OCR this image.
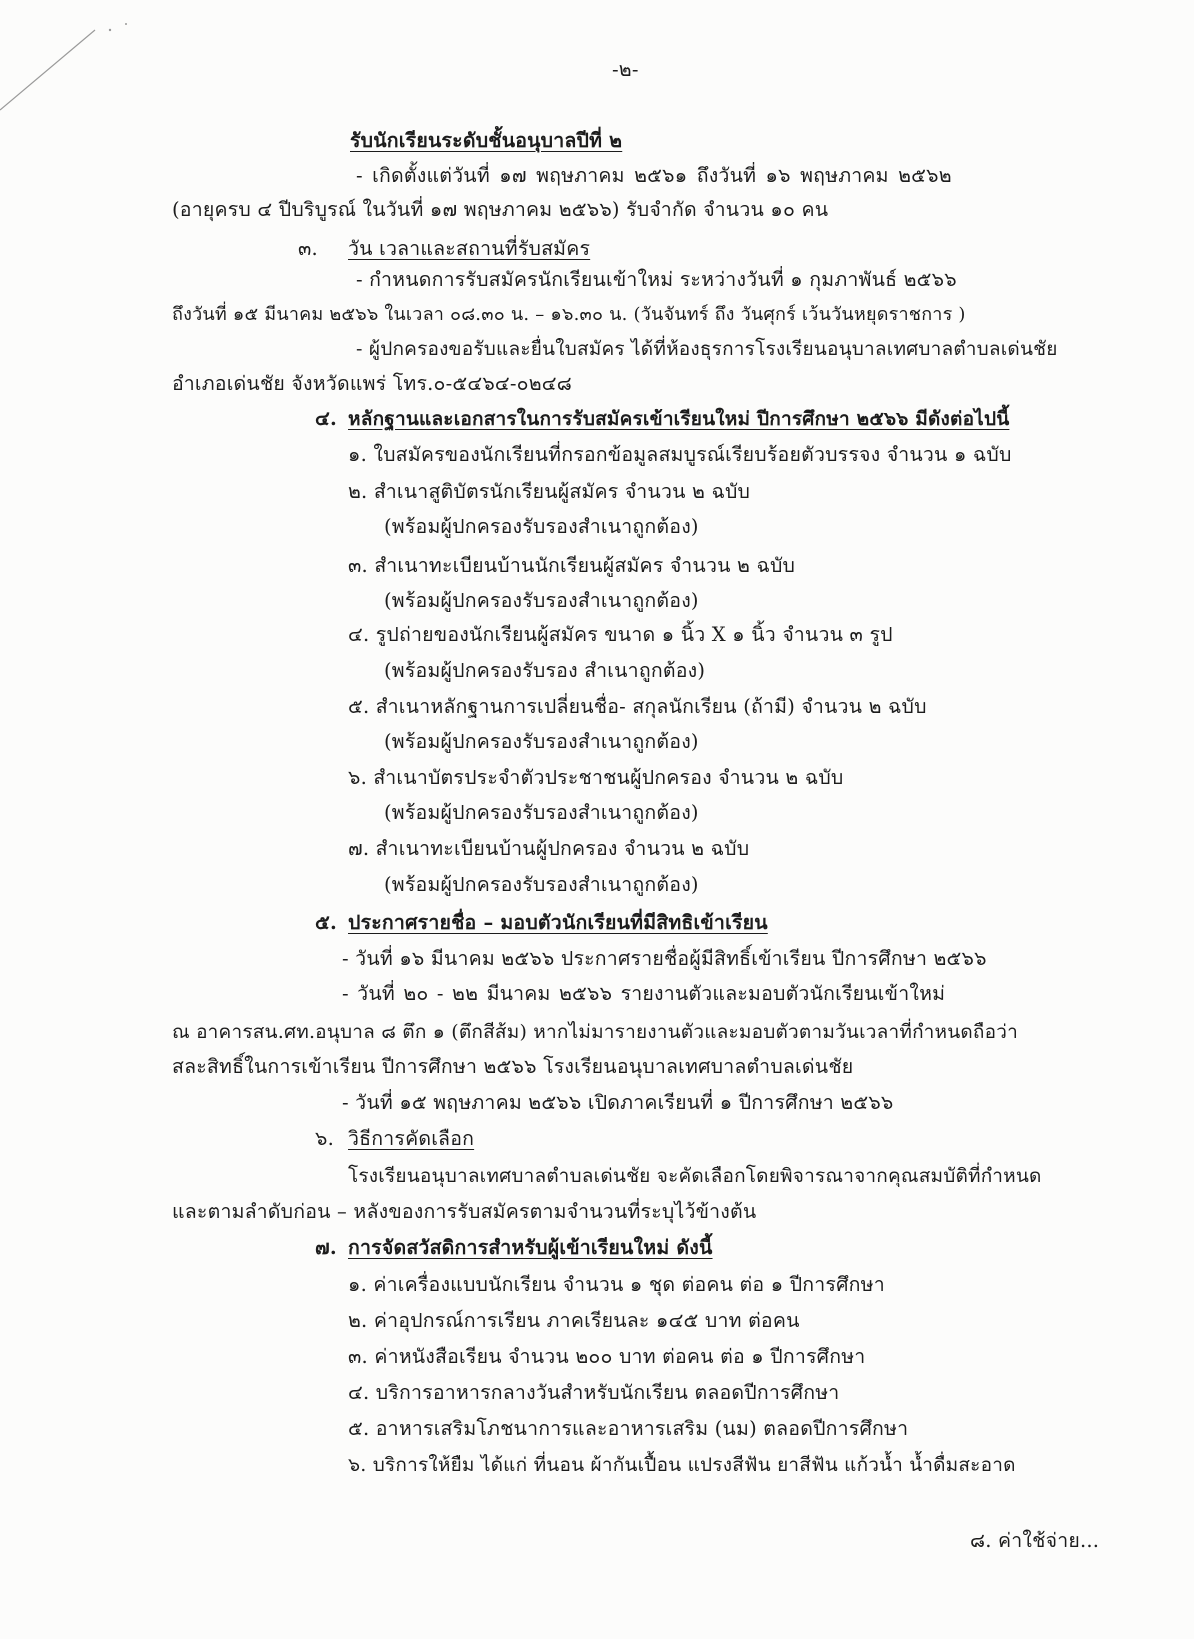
-๒-
รับนักเรียนระดับชั้นอนุบาลปีที่ ๒
- เกิดตั้งแต่วันที่ ๑๗ พฤษภาคม ๒๕๖๑ ถึงวันที่ ๑๖ พฤษภาคม ๒๕๖๒
(อายุครบ ๔ ปีบริบูรณ์ ในวันที่ ๑๗ พฤษภาคม ๒๕๖๖) รับจำกัด จำนวน ๑๐ คน
๓. วัน เวลาและสถานที่รับสมัคร
- กำหนดการรับสมัครนักเรียนเข้าใหม่ ระหว่างวันที่ ๑ กุมภาพันธ์ ๒๕๖๖
ถึงวันที่ ๑๕ มีนาคม ๒๕๖๖ ในเวลา ๐๘.๓๐ น. – ๑๖.๓๐ น. (วันจันทร์ ถึง วันศุกร์ เว้นวันหยุดราชการ )
- ผู้ปกครองขอรับและยื่นใบสมัคร ได้ที่ห้องธุรการโรงเรียนอนุบาลเทศบาลตำบลเด่นชัย
อำเภอเด่นชัย จังหวัดแพร่ โทร.๐-๕๔๖๔-๐๒๔๘
๔. หลักฐานและเอกสารในการรับสมัครเข้าเรียนใหม่ ปีการศึกษา ๒๕๖๖ มีดังต่อไปนี้
๑. ใบสมัครของนักเรียนที่กรอกข้อมูลสมบูรณ์เรียบร้อยตัวบรรจง จำนวน ๑ ฉบับ
๒. สำเนาสูติบัตรนักเรียนผู้สมัคร จำนวน ๒ ฉบับ
(พร้อมผู้ปกครองรับรองสำเนาถูกต้อง)
๓. สำเนาทะเบียนบ้านนักเรียนผู้สมัคร จำนวน ๒ ฉบับ
(พร้อมผู้ปกครองรับรองสำเนาถูกต้อง)
๔. รูปถ่ายของนักเรียนผู้สมัคร ขนาด ๑ นิ้ว X ๑ นิ้ว จำนวน ๓ รูป
(พร้อมผู้ปกครองรับรอง สำเนาถูกต้อง)
๕. สำเนาหลักฐานการเปลี่ยนชื่อ- สกุลนักเรียน (ถ้ามี) จำนวน ๒ ฉบับ
(พร้อมผู้ปกครองรับรองสำเนาถูกต้อง)
๖. สำเนาบัตรประจำตัวประชาชนผู้ปกครอง จำนวน ๒ ฉบับ
(พร้อมผู้ปกครองรับรองสำเนาถูกต้อง)
๗. สำเนาทะเบียนบ้านผู้ปกครอง จำนวน ๒ ฉบับ
(พร้อมผู้ปกครองรับรองสำเนาถูกต้อง)
๕. ประกาศรายชื่อ – มอบตัวนักเรียนที่มีสิทธิเข้าเรียน
- วันที่ ๑๖ มีนาคม ๒๕๖๖ ประกาศรายชื่อผู้มีสิทธิ์เข้าเรียน ปีการศึกษา ๒๕๖๖
- วันที่ ๒๐ - ๒๒ มีนาคม ๒๕๖๖ รายงานตัวและมอบตัวนักเรียนเข้าใหม่
ณ อาคารสน.ศท.อนุบาล ๘ ตึก ๑ (ตึกสีส้ม) หากไม่มารายงานตัวและมอบตัวตามวันเวลาที่กำหนดถือว่า
สละสิทธิ์ในการเข้าเรียน ปีการศึกษา ๒๕๖๖ โรงเรียนอนุบาลเทศบาลตำบลเด่นชัย
- วันที่ ๑๕ พฤษภาคม ๒๕๖๖ เปิดภาคเรียนที่ ๑ ปีการศึกษา ๒๕๖๖
๖. วิธีการคัดเลือก
โรงเรียนอนุบาลเทศบาลตำบลเด่นชัย จะคัดเลือกโดยพิจารณาจากคุณสมบัติที่กำหนด
และตามลำดับก่อน – หลังของการรับสมัครตามจำนวนที่ระบุไว้ข้างต้น
๗. การจัดสวัสดิการสำหรับผู้เข้าเรียนใหม่ ดังนี้
๑. ค่าเครื่องแบบนักเรียน จำนวน ๑ ชุด ต่อคน ต่อ ๑ ปีการศึกษา
๒. ค่าอุปกรณ์การเรียน ภาคเรียนละ ๑๔๕ บาท ต่อคน
๓. ค่าหนังสือเรียน จำนวน ๒๐๐ บาท ต่อคน ต่อ ๑ ปีการศึกษา
๔. บริการอาหารกลางวันสำหรับนักเรียน ตลอดปีการศึกษา
๕. อาหารเสริมโภชนาการและอาหารเสริม (นม) ตลอดปีการศึกษา
๖. บริการให้ยืม ได้แก่ ที่นอน ผ้ากันเปื้อน แปรงสีฟัน ยาสีฟัน แก้วน้ำ น้ำดื่มสะอาด
๘. ค่าใช้จ่าย...
